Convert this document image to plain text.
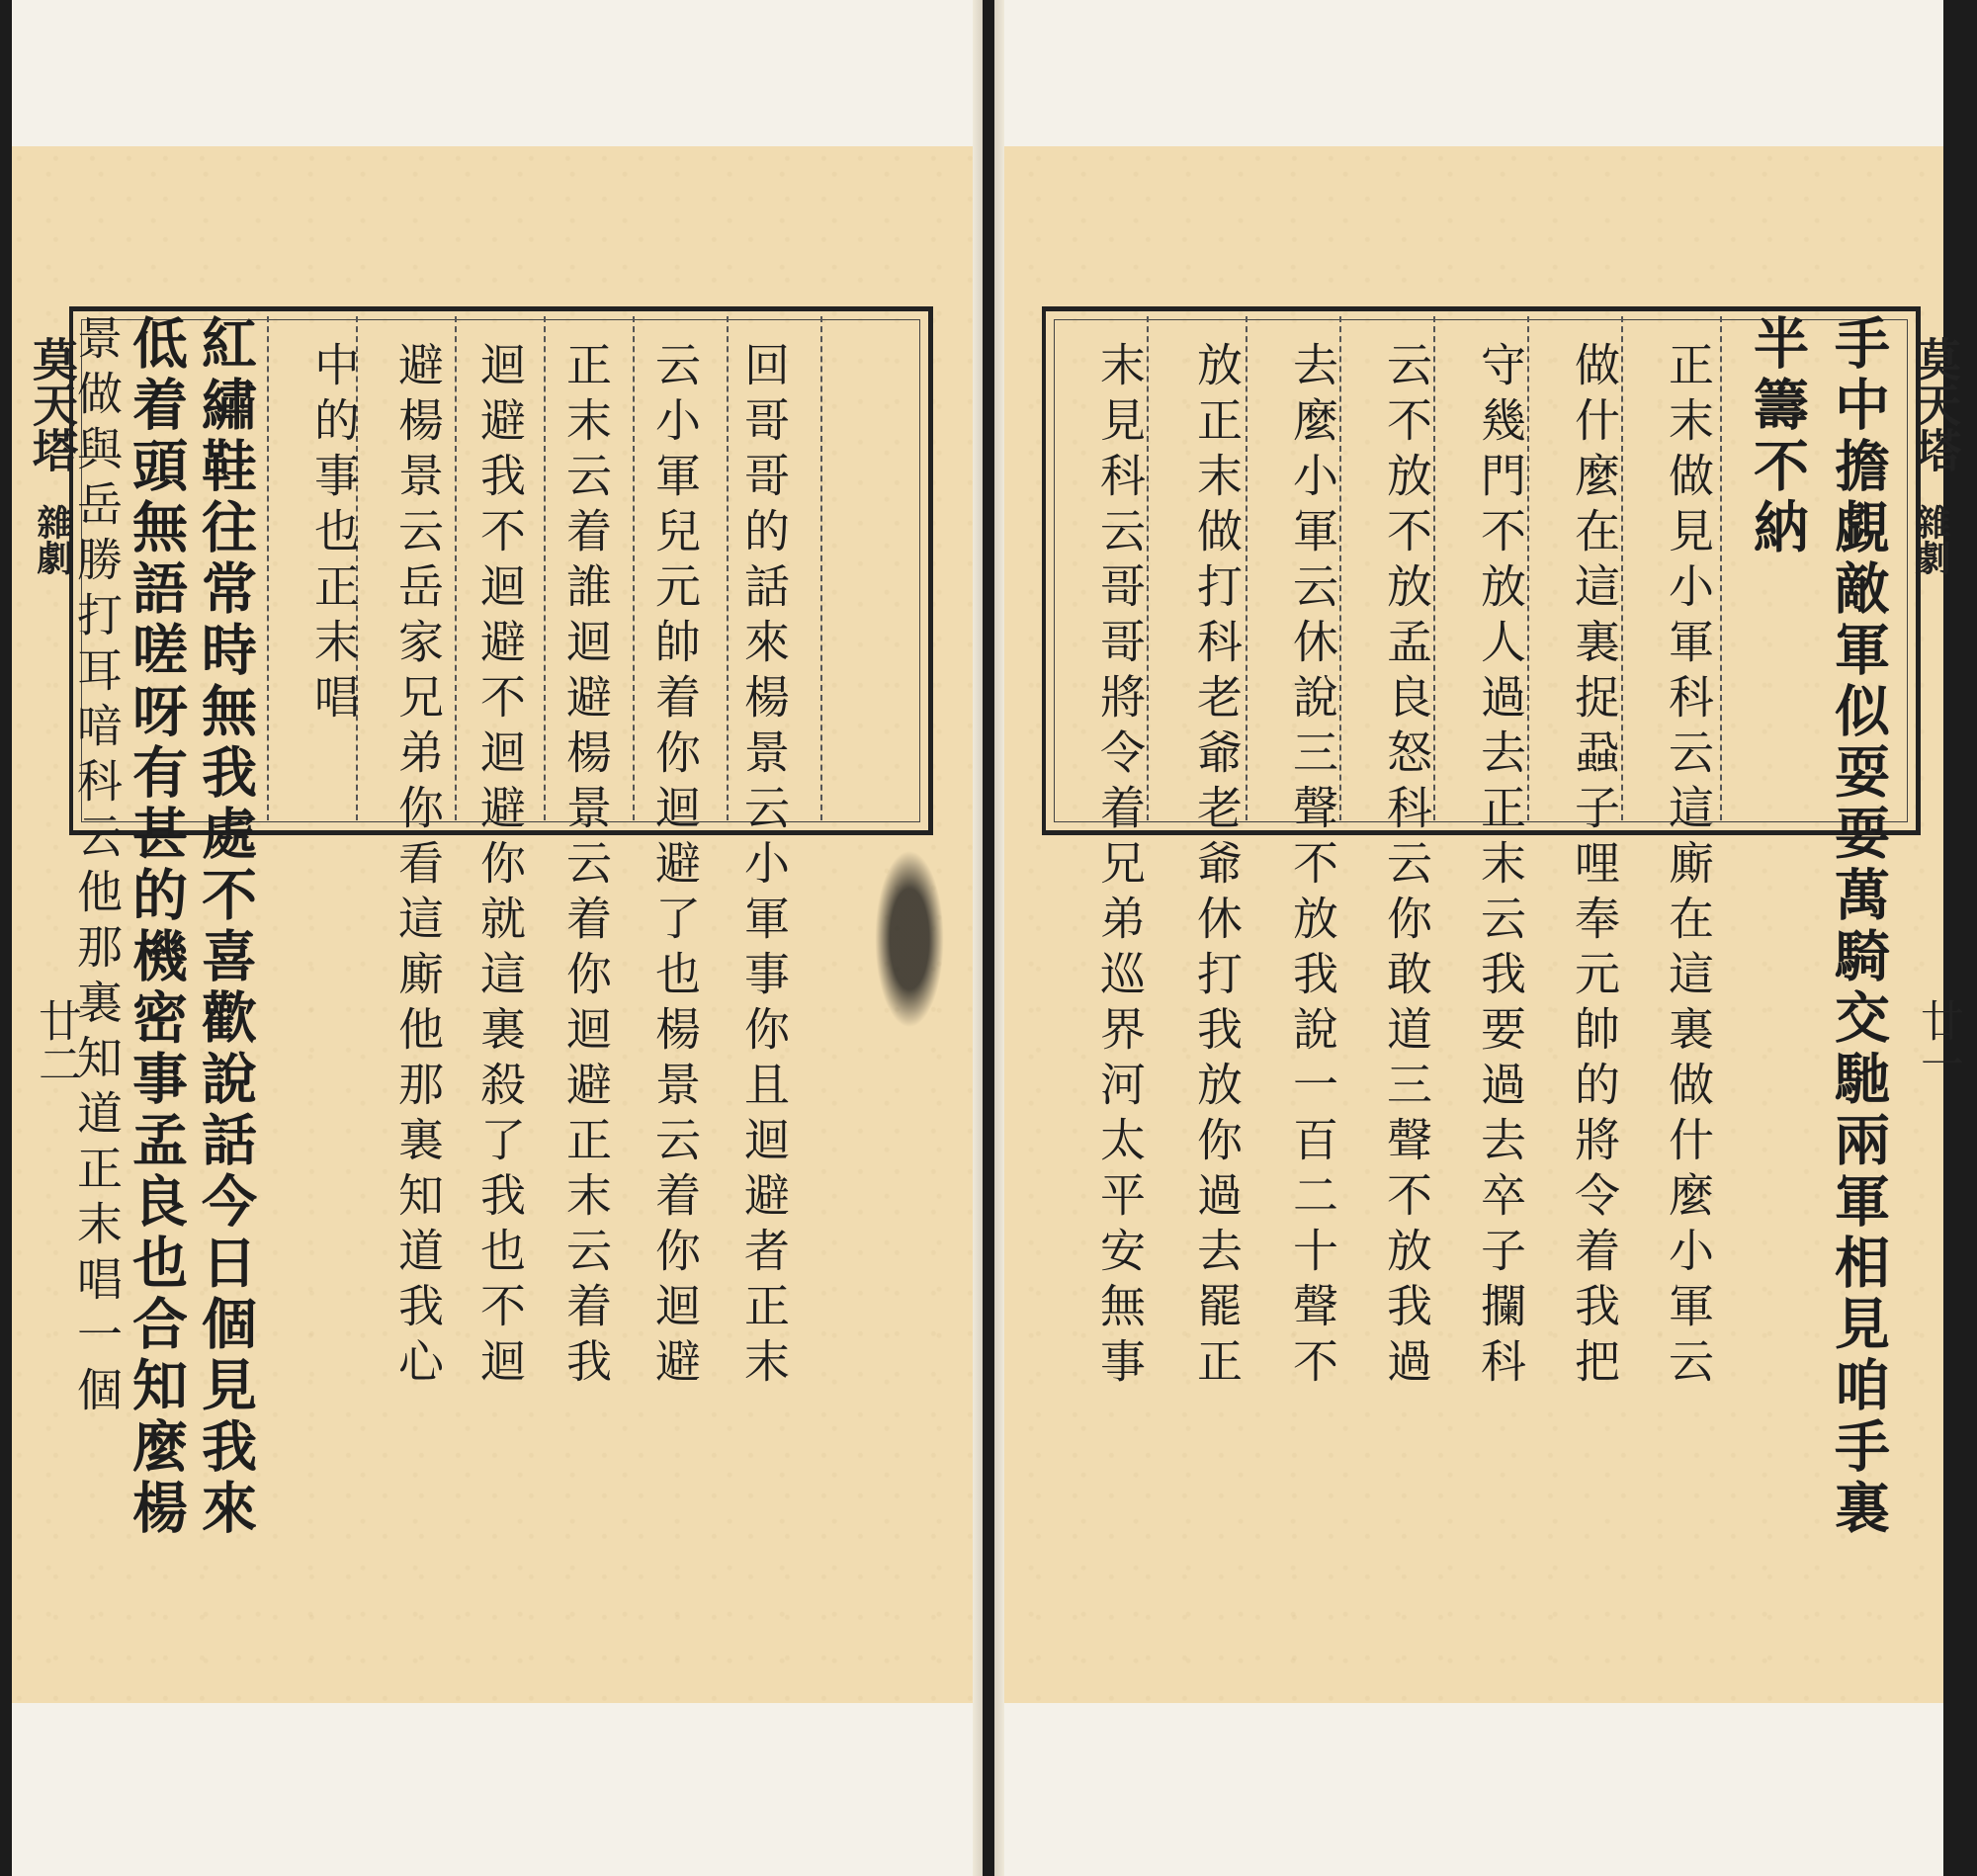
莫天塔
雜劇
廿二 紅繡鞋往常時無我處不喜歡說話今日個見我來
低着頭無語嗟呀有甚的機密事孟良也合知麼楊
景做與岳勝打耳喑科云他那裏知道正末唱一個	中的事也正末唱 避楊景云岳家兄弟你看這廝他那裏知道我心 迴避我不迴避不迴避你就這裏殺了我也不迴 正末云着誰迴避楊景云着你迴避正末云着我 云小軍兒元帥着你迴避了也楊景云着你迴避 回哥哥的話來楊景云小軍事你且迴避者正末	莫天塔
雜劇
廿一
手中擔覷敵軍似耍耍萬騎交馳兩軍相見咱手裏
半籌不納
正末做見小軍科云這廝在這裏做什麼小軍云
做什麼在這裏捉蝨子哩奉元帥的將令着我把
守幾門不放人過去正末云我要過去卒子攔科
云不放不放孟良怒科云你敢道三聲不放我過
去麼小軍云休說三聲不放我說一百二十聲不
放正末做打科老爺老爺休打我放你過去罷正
末見科云哥哥將令着兄弟巡界河太平安無事
